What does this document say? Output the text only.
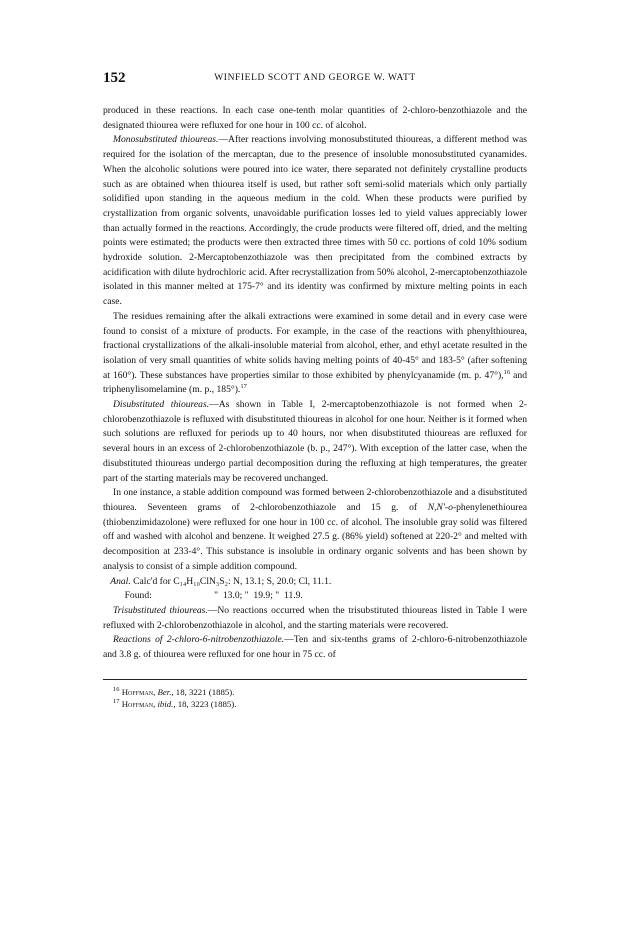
152	WINFIELD SCOTT AND GEORGE W. WATT

produced in these reactions. In each case one-tenth molar quantities of 2-chloro-benzothiazole and the designated thiourea were refluxed for one hour in 100 cc. of alcohol.

Monosubstituted thioureas.—After reactions involving monosubstituted thioureas, a different method was required for the isolation of the mercaptan, due to the presence of insoluble monosubstituted cyanamides. When the alcoholic solutions were poured into ice water, there separated not definitely crystalline products such as are obtained when thiourea itself is used, but rather soft semi-solid materials which only partially solidified upon standing in the aqueous medium in the cold. When these products were purified by crystallization from organic solvents, unavoidable purification losses led to yield values appreciably lower than actually formed in the reactions. Accordingly, the crude products were filtered off, dried, and the melting points were estimated; the products were then extracted three times with 50 cc. portions of cold 10% sodium hydroxide solution. 2-Mercaptobenzothiazole was then precipitated from the combined extracts by acidification with dilute hydrochloric acid. After recrystallization from 50% alcohol, 2-mercaptobenzothiazole isolated in this manner melted at 175-7° and its identity was confirmed by mixture melting points in each case.

The residues remaining after the alkali extractions were examined in some detail and in every case were found to consist of a mixture of products. For example, in the case of the reactions with phenylthiourea, fractional crystallizations of the alkali-insoluble material from alcohol, ether, and ethyl acetate resulted in the isolation of very small quantities of white solids having melting points of 40-45° and 183-5° (after softening at 160°). These substances have properties similar to those exhibited by phenylcyanamide (m. p. 47°),$^{16}$ and triphenylisomelamine (m. p., 185°).$^{17}$

Disubstituted thioureas.—As shown in Table I, 2-mercaptobenzothiazole is not formed when 2-chlorobenzothiazole is refluxed with disubstituted thioureas in alcohol for one hour. Neither is it formed when such solutions are refluxed for periods up to 40 hours, nor when disubstituted thioureas are refluxed for several hours in an excess of 2-chlorobenzothiazole (b. p., 247°). With exception of the latter case, when the disubstituted thioureas undergo partial decomposition during the refluxing at high temperatures, the greater part of the starting materials may be recovered unchanged.

In one instance, a stable addition compound was formed between 2-chlorobenzothiazole and a disubstituted thiourea. Seventeen grams of 2-chlorobenzothiazole and 15 g. of N,N'-o-phenylenethiourea (thiobenzimidazolone) were refluxed for one hour in 100 cc. of alcohol. The insoluble gray solid was filtered off and washed with alcohol and benzene. It weighed 27.5 g. (86% yield) softened at 220-2° and melted with decomposition at 233-4°. This substance is insoluble in ordinary organic solvents and has been shown by analysis to consist of a simple addition compound.

Anal. Calc'd for C₁₄H₁₀ClN₃S₂: N, 13.1; S, 20.0; Cl, 11.1.

Found:	"  13.0; "  19.9; "  11.9.

Trisubstituted thioureas.—No reactions occurred when the trisubstituted thioureas listed in Table I were refluxed with 2-chlorobenzothiazole in alcohol, and the starting materials were recovered.

Reactions of 2-chloro-6-nitrobenzothiazole.—Ten and six-tenths grams of 2-chloro-6-nitrobenzothiazole and 3.8 g. of thiourea were refluxed for one hour in 75 cc. of

$^{16}$ Hoffman, Ber., 18, 3221 (1885).

$^{17}$ Hoffman, ibid., 18, 3223 (1885).
